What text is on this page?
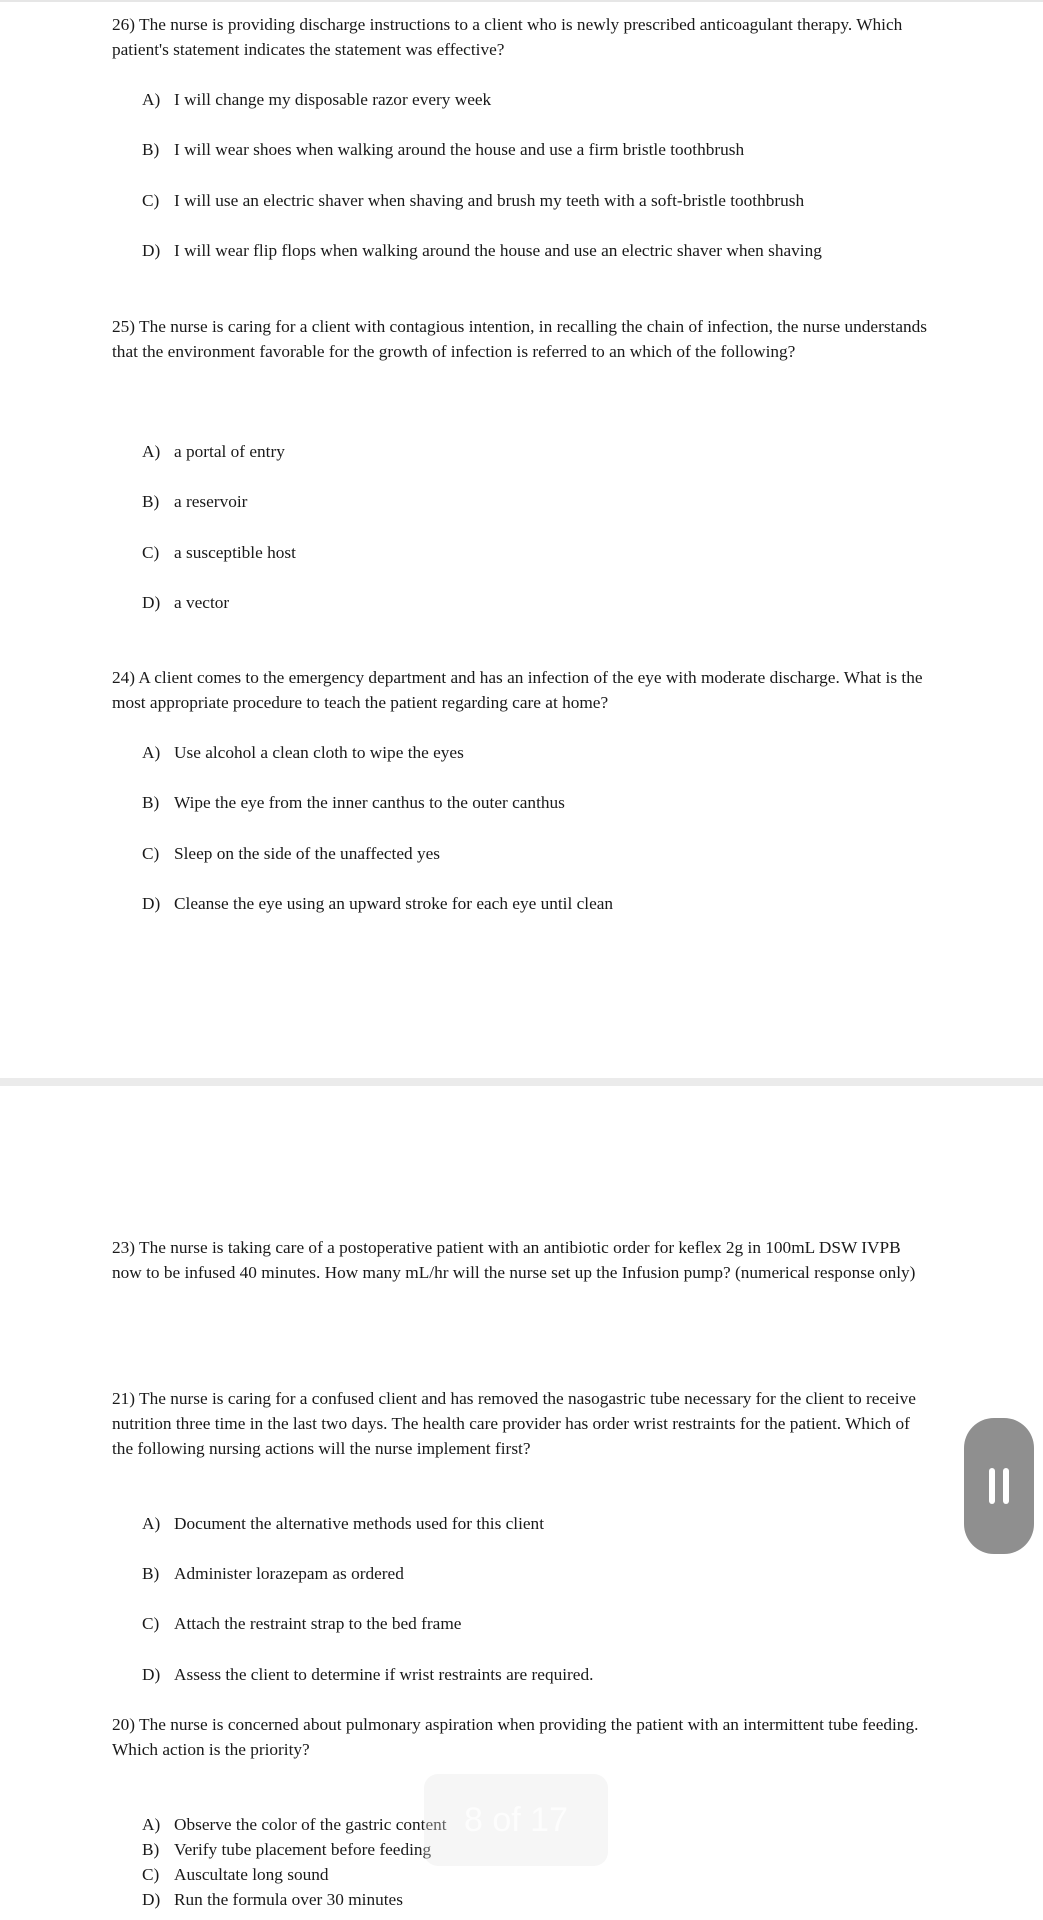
26) The nurse is providing discharge instructions to a client who is newly prescribed anticoagulant therapy. Which patient's statement indicates the statement was effective?

A) I will change my disposable razor every week

B) I will wear shoes when walking around the house and use a firm bristle toothbrush

C) I will use an electric shaver when shaving and brush my teeth with a soft-bristle toothbrush

D) I will wear flip flops when walking around the house and use an electric shaver when shaving

25) The nurse is caring for a client with contagious intention, in recalling the chain of infection, the nurse understands that the environment favorable for the growth of infection is referred to an which of the following?

A) a portal of entry

B) a reservoir

C) a susceptible host

D) a vector

24) A client comes to the emergency department and has an infection of the eye with moderate discharge. What is the most appropriate procedure to teach the patient regarding care at home?

A) Use alcohol a clean cloth to wipe the eyes

B) Wipe the eye from the inner canthus to the outer canthus

C) Sleep on the side of the unaffected yes

D) Cleanse the eye using an upward stroke for each eye until clean

23) The nurse is taking care of a postoperative patient with an antibiotic order for keflex 2g in 100mL DSW IVPB now to be infused 40 minutes. How many mL/hr will the nurse set up the Infusion pump? (numerical response only)

21) The nurse is caring for a confused client and has removed the nasogastric tube necessary for the client to receive nutrition three time in the last two days. The health care provider has order wrist restraints for the patient. Which of the following nursing actions will the nurse implement first?

A) Document the alternative methods used for this client

B) Administer lorazepam as ordered

C) Attach the restraint strap to the bed frame

D) Assess the client to determine if wrist restraints are required.

20) The nurse is concerned about pulmonary aspiration when providing the patient with an intermittent tube feeding. Which action is the priority?

A) Observe the color of the gastric content

B) Verify tube placement before feeding

C) Auscultate long sound

D) Run the formula over 30 minutes

8 of 17
